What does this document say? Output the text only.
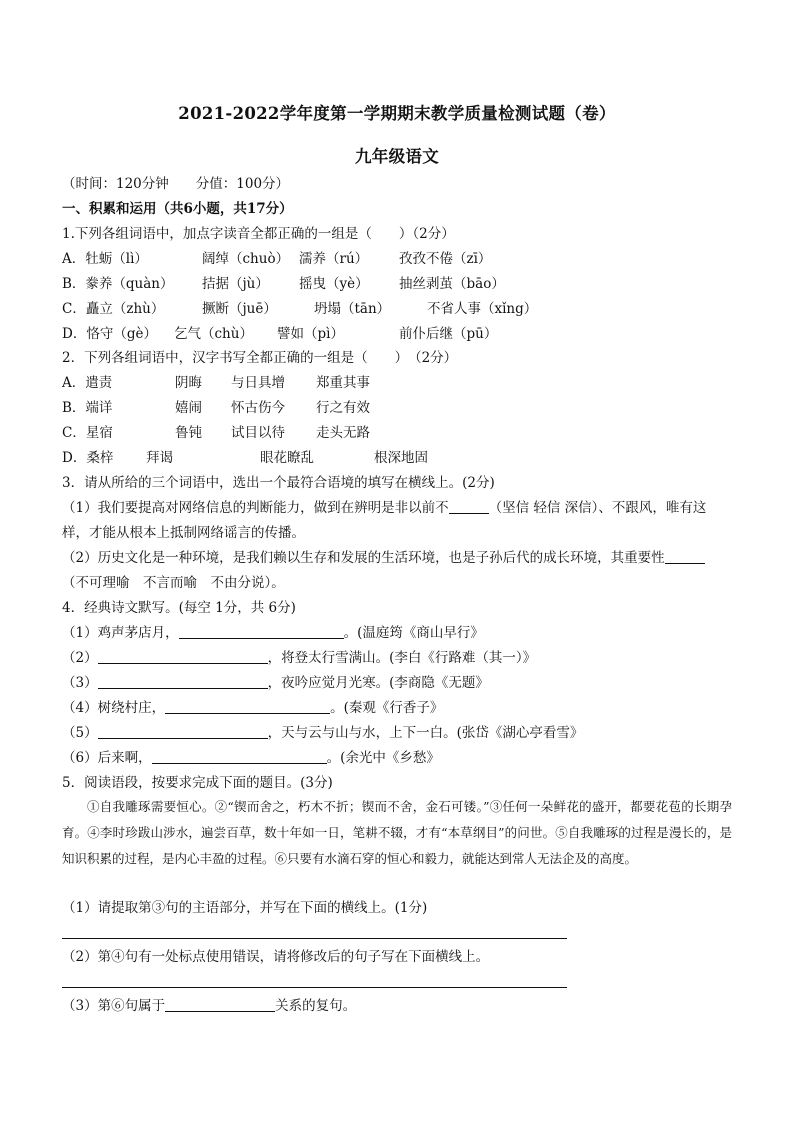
2021-2022学年度第一学期期末教学质量检测试题（卷）
九年级语文
（时间：120分钟　　分值：100分）
一、积累和运用（共6小题，共17分）
1.下列各组词语中，加点字读音全都正确的一组是（　　）（2分）
A．牡蛎（lì）	阔绰（chuò） 濡养（rú） 孜孜不倦（zī）
B．豢养（quàn） 拮据（jù） 摇曳（yè） 抽丝剥茧（bāo）
C．矗立（zhù）	撅断（juē）	坍塌（tān）	不省人事（xǐng）
D．恪守（gè） 乞气（chù） 譬如（pì）	前仆后继（pū）
2．下列各组词语中，汉字书写全都正确的一组是（　　）　（2分）
A．遣责	阴晦 与日具增 郑重其事
B．端详	嬉闹 怀古伤今 行之有效
C．星宿	鲁钝 试目以待 走头无路
D．桑梓 拜谒	眼花瞭乱	根深地固
3．请从所给的三个词语中，选出一个最符合语境的填写在横线上。(2分)
（1）我们要提高对网络信息的判断能力，做到在辨明是非以前不	（坚信 轻信 深信）、不跟风，唯有这
样，才能从根本上抵制网络谣言的传播。
（2）历史文化是一种环境，是我们赖以生存和发展的生活环境，也是子孙后代的成长环境，其重要性
（不可理喻　不言而喻　不由分说）。
4．经典诗文默写。(每空 1分，共 6分)
（1）鸡声茅店月，	。(温庭筠《商山早行》
（2）	，将登太行雪满山。(李白《行路难（其一）》
（3）	，夜吟应觉月光寒。(李商隐《无题》
（4）树绕村庄，	。(秦观《行香子》
（5）	，天与云与山与水，上下一白。(张岱《湖心亭看雪》
（6）后来啊，	。(余光中《乡愁》
5．阅读语段，按要求完成下面的题目。(3分)
①自我雕琢需要恒心。②“锲而舍之，朽木不折；锲而不舍，金石可镂。”③任何一朵鲜花的盛开，都要花苞的长期孕育。④李时珍跋山涉水，遍尝百草，数十年如一日，笔耕不辍，才有“本草纲目”的问世。⑤自我雕琢的过程是漫长的，是知识积累的过程，是内心丰盈的过程。⑥只要有水滴石穿的恒心和毅力，就能达到常人无法企及的高度。
（1）请提取第③句的主语部分，并写在下面的横线上。(1分)
（2）第④句有一处标点使用错误，请将修改后的句子写在下面横线上。
（3）第⑥句属于	关系的复句。
